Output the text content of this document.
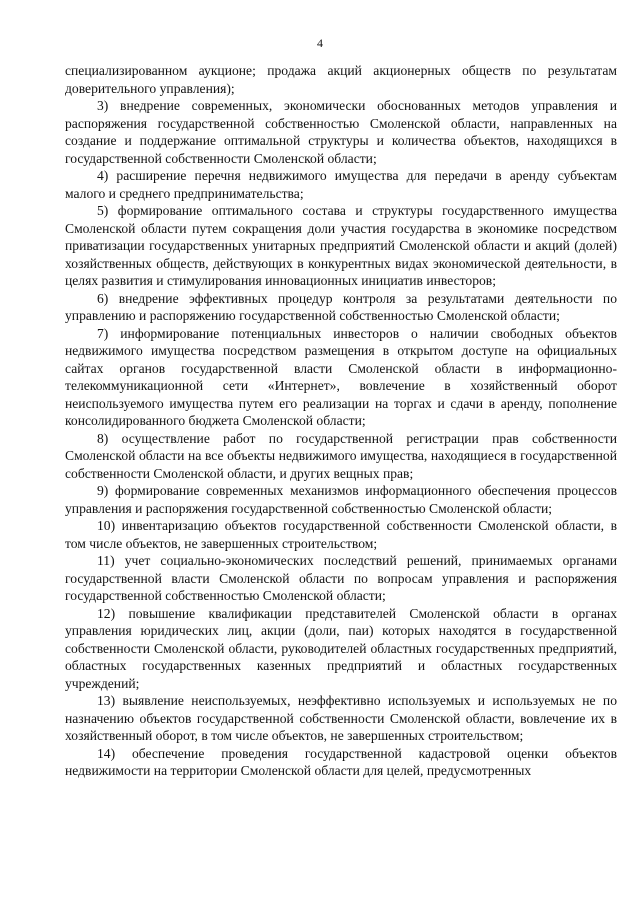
4

специализированном аукционе; продажа акций акционерных обществ по результатам доверительного управления);

3) внедрение современных, экономически обоснованных методов управления и распоряжения государственной собственностью Смоленской области, направленных на создание и поддержание оптимальной структуры и количества объектов, находящихся в государственной собственности Смоленской области;

4) расширение перечня недвижимого имущества для передачи в аренду субъектам малого и среднего предпринимательства;

5) формирование оптимального состава и структуры государственного имущества Смоленской области путем сокращения доли участия государства в экономике посредством приватизации государственных унитарных предприятий Смоленской области и акций (долей) хозяйственных обществ, действующих в конкурентных видах экономической деятельности, в целях развития и стимулирования инновационных инициатив инвесторов;

6) внедрение эффективных процедур контроля за результатами деятельности по управлению и распоряжению государственной собственностью Смоленской области;

7) информирование потенциальных инвесторов о наличии свободных объектов недвижимого имущества посредством размещения в открытом доступе на официальных сайтах органов государственной власти Смоленской области в информационно-телекоммуникационной сети «Интернет», вовлечение в хозяйственный оборот неиспользуемого имущества путем его реализации на торгах и сдачи в аренду, пополнение консолидированного бюджета Смоленской области;

8) осуществление работ по государственной регистрации прав собственности Смоленской области на все объекты недвижимого имущества, находящиеся в государственной собственности Смоленской области, и других вещных прав;

9) формирование современных механизмов информационного обеспечения процессов управления и распоряжения государственной собственностью Смоленской области;

10) инвентаризацию объектов государственной собственности Смоленской области, в том числе объектов, не завершенных строительством;

11) учет социально-экономических последствий решений, принимаемых органами государственной власти Смоленской области по вопросам управления и распоряжения государственной собственностью Смоленской области;

12) повышение квалификации представителей Смоленской области в органах управления юридических лиц, акции (доли, паи) которых находятся в государственной собственности Смоленской области, руководителей областных государственных предприятий, областных государственных казенных предприятий и областных государственных учреждений;

13) выявление неиспользуемых, неэффективно используемых и используемых не по назначению объектов государственной собственности Смоленской области, вовлечение их в хозяйственный оборот, в том числе объектов, не завершенных строительством;

14) обеспечение проведения государственной кадастровой оценки объектов недвижимости на территории Смоленской области для целей, предусмотренных
